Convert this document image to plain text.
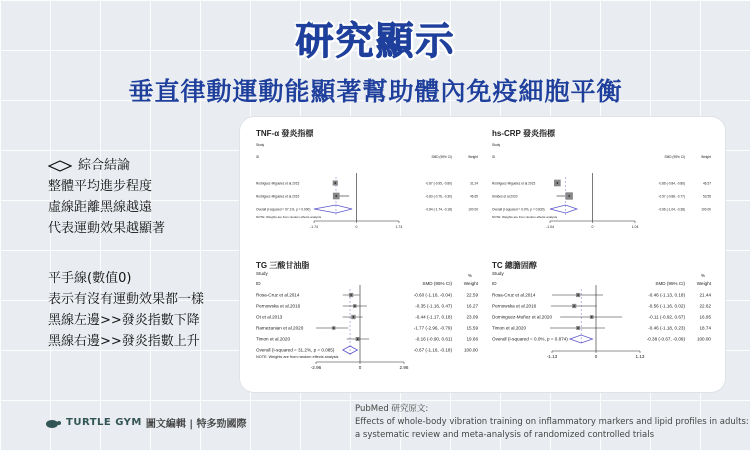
研究顯示
垂直律動運動能顯著幫助體內免疫細胞平衡
綜合結論
整體平均進步程度
虛線距離黑線越遠
代表運動效果越顯著
平手線(數值0)
表示有沒有運動效果都一樣
黑線左邊>>發炎指數下降
黑線右邊>>發炎指數上升
TNF-α 發炎指標
Study
ID	SMD (95% CI)	Weight
Rodriguez-Miguelez et al.2015	-0.87 (-0.95, -0.80)	31.24
Rodriguez-Miguelez et al.2015	-0.83 (-0.76, -0.30)	46.65
Overall (I-squared = 97.1%, p = 0.000)	-0.84 (-1.74, -0.18)	100.00
-1.74	0	1.74
NOTE: Weights are from random effects analysis
hs-CRP 發炎指標
Study
ID	SMD (95% CI)	Weight
Rodriguez-Miguelez et al.2015	-0.86 (-0.84, -0.86)	46.57
Simões et al.2020	-0.57 (-0.88, -0.77)	53.55
Overall (I-squared = 0.0%, p = 0.830)	-0.66 (-1.04, -0.38)	100.00
-1.04	0	1.04
NOTE: Weights are from random effects analysis
TG 三酸甘油脂
Study
ID	SMD (95% CI)	Weight
%
Rosa-Cruz et al.2014	-0.60 (-1.16, -0.04)	22.59
Pernowska et al.2016	-0.35 (-1.16, 0.47)	16.27
Ot et al.2013	-0.44 (-1.17, 0.18)	23.09
Ramezanian et al.2020	-1.77 (-2.96, -0.79)	15.59
Timon et al.2020	-0.16 (-0.90, 0.61)	19.66
Overall (I-squared = 31.2%, p = 0.085)	-0.67 (-1.16, -0.18)	100.00
-2.96	0	2.96
NOTE: Weights are from random effects analysis
TC 總膽固醇
Study
ID	SMD (95% CI)	Weight
%
Rosa-Cruz et al.2014	-0.46 (-1.13, 0.18)	21.44
Pernowska et al.2016	-0.56 (-1.16, 0.02)	22.62
Dominguez-Muñoz et al.2020	-0.11 (-0.92, 0.67)	16.95
Timon et al.2020	-0.46 (-1.18, 0.23)	18.74
Overall (I-squared = 0.0%, p = 0.874)	-0.38 (-0.67, -0.09)	100.00
-1.13	0	1.13
TURTLE GYM 圖文編輯 | 特多勁國際
PubMed 研究原文:
Effects of whole-body vibration training on inflammatory markers and lipid profiles in adults:
a systematic review and meta-analysis of randomized controlled trials
